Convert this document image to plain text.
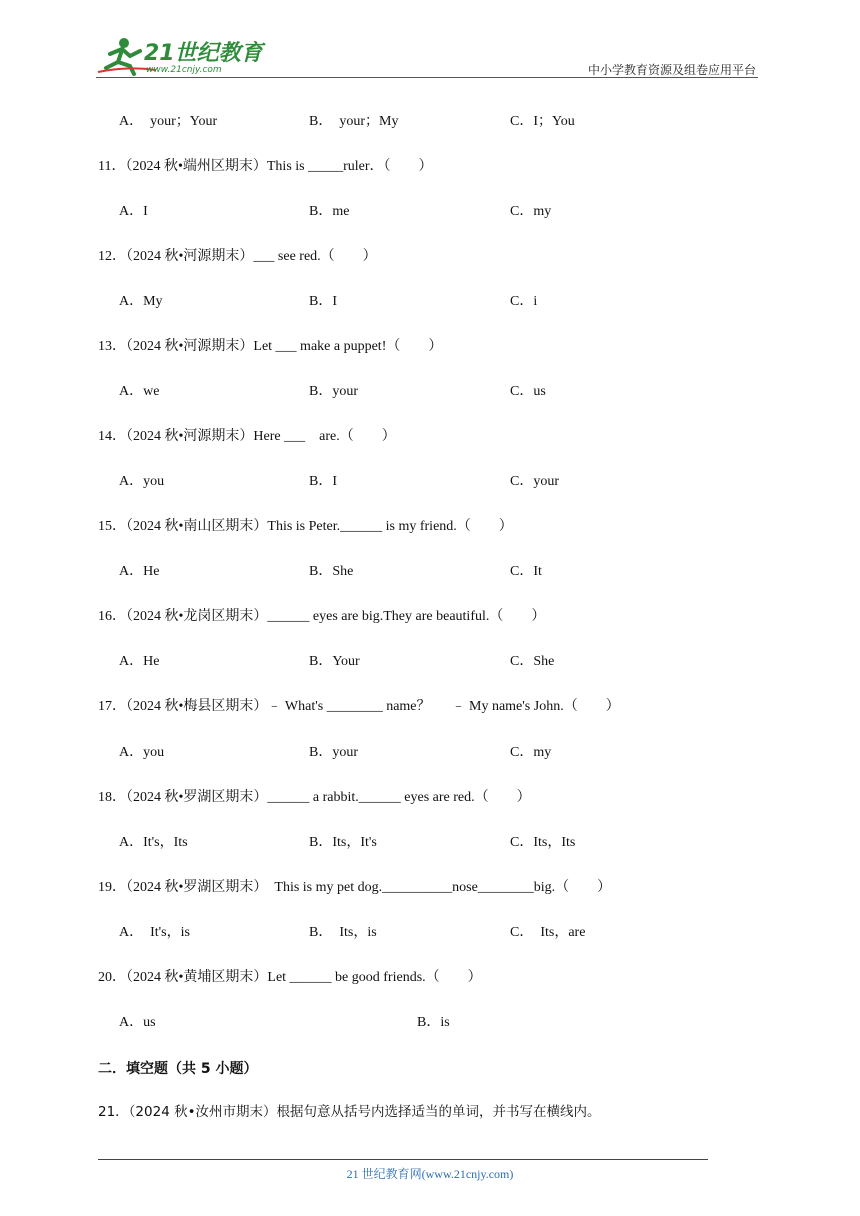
21世纪教育
www.21cnjy.com	中小学教育资源及组卷应用平台
A．  your；Your	B．  your；My	C．I；You
11．（2024 秋•端州区期末）This is _____ruler．（        ）
A．I	B．me	C．my
12．（2024 秋•河源期末）___ see red.（        ）
A．My	B．I	C．i
13．（2024 秋•河源期末）Let ___ make a puppet!（        ）
A．we	B．your	C．us
14．（2024 秋•河源期末）Here ___    are.（        ）
A．you	B．I	C．your
15．（2024 秋•南山区期末）This is Peter.______ is my friend.（        ）
A．He	B．She	C．It
16．（2024 秋•龙岗区期末）______ eyes are big.They are beautiful.（        ）
A．He	B．Your	C．She
17．（2024 秋•梅县区期末）﹣ What's ________ name？      ﹣ My name's John.（        ）
A．you	B．your	C．my
18．（2024 秋•罗湖区期末）______ a rabbit.______ eyes are red.（        ）
A．It's，Its	B．Its，It's	C．Its，Its
19．（2024 秋•罗湖区期末）  This is my pet dog.__________nose________big.（        ）
A．  It's，is	B．  Its，is	C．  Its，are
20．（2024 秋•黄埔区期末）Let ______ be good friends.（        ）
A．us	B．is
二．填空题（共 5 小题）
21．（2024 秋•汝州市期末）根据句意从括号内选择适当的单词，并书写在横线内。
21 世纪教育网(www.21cnjy.com)
